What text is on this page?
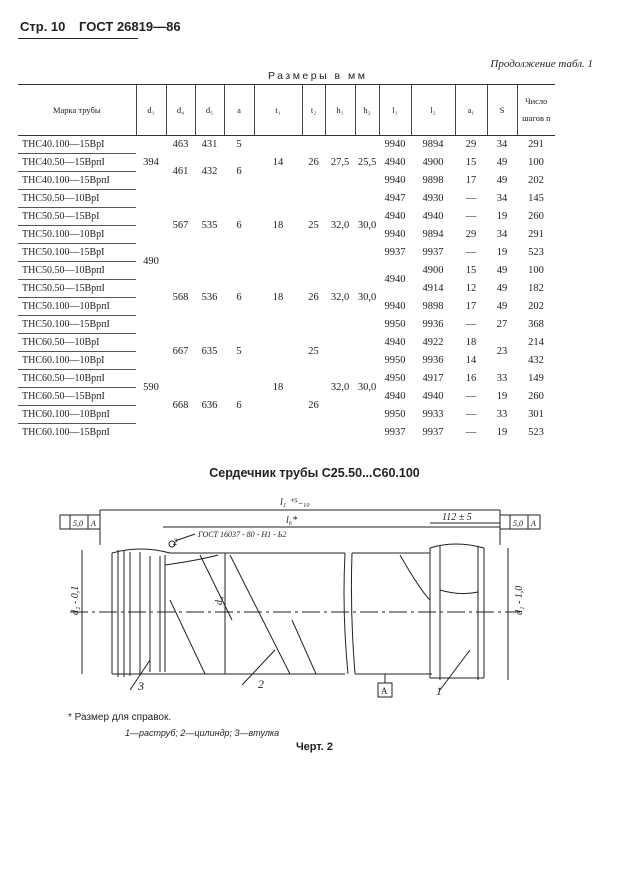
Стр. 10 ГОСТ 26819—86
Продолжение табл. 1
Размеры в мм
Марка трубы	d₁	d₄	d₅	a	t₁	t₂	h₁	h₂	l₁	l₂	a₁	S	Число шагов n
ТНС40.100—15ВрI	394	463	431	5	14	26	27,5	25,5	9940	9894	29	34	291
ТНС40.50—15ВрпI		461	432	6					4940	4900	15	49	100
ТНС40.100—15ВрпI									9940	9898	17	49	202
ТНС50.50—10ВрI	490	567	535	6	18	25	32,0	30,0	4947	4930	—	34	145
ТНС50.50—15ВрI									4940	4940	—	19	260
ТНС50.100—10ВрI									9940	9894	29	34	291
ТНС50.100—15ВрI									9937	9937	—	19	523
ТНС50.50—10ВрпI		568	536	6	18	26	32,0	30,0	4940	4900	15	49	100
ТНС50.50—15ВрпI										4914	12	49	182
ТНС50.100—10ВрпI									9940	9898	17	49	202
ТНС50.100—15ВрпI									9950	9936	—	27	368
ТНС60.50—10ВрI	590	667	635	5	18	25	32,0	30,0	4940	4922	18	23	214
ТНС60.100—10ВрI									9950	9936	14		432
ТНС60.50—10ВрпI		668	636	6		26			4950	4917	16	33	149
ТНС60.50—15ВрпI									4940	4940	—	19	260
ТНС60.100—10ВрпI									9950	9933	—	33	301
ТНС60.100—15ВрпI									9937	9937	—	19	523
Сердечник трубы С25.50...С60.100
l₁ ⁺⁵₋₁₀
l₆*	112 ± 5
ГОСТ 16037 - 80 - Н1 - Ь2
2
5,0 A	5,0 A
A
d₂ - 0,1	d₁ - 1,0
d₄
1
2
3
* Размер для справок.
1—раструб; 2—цилиндр; 3—втулка
Черт. 2
